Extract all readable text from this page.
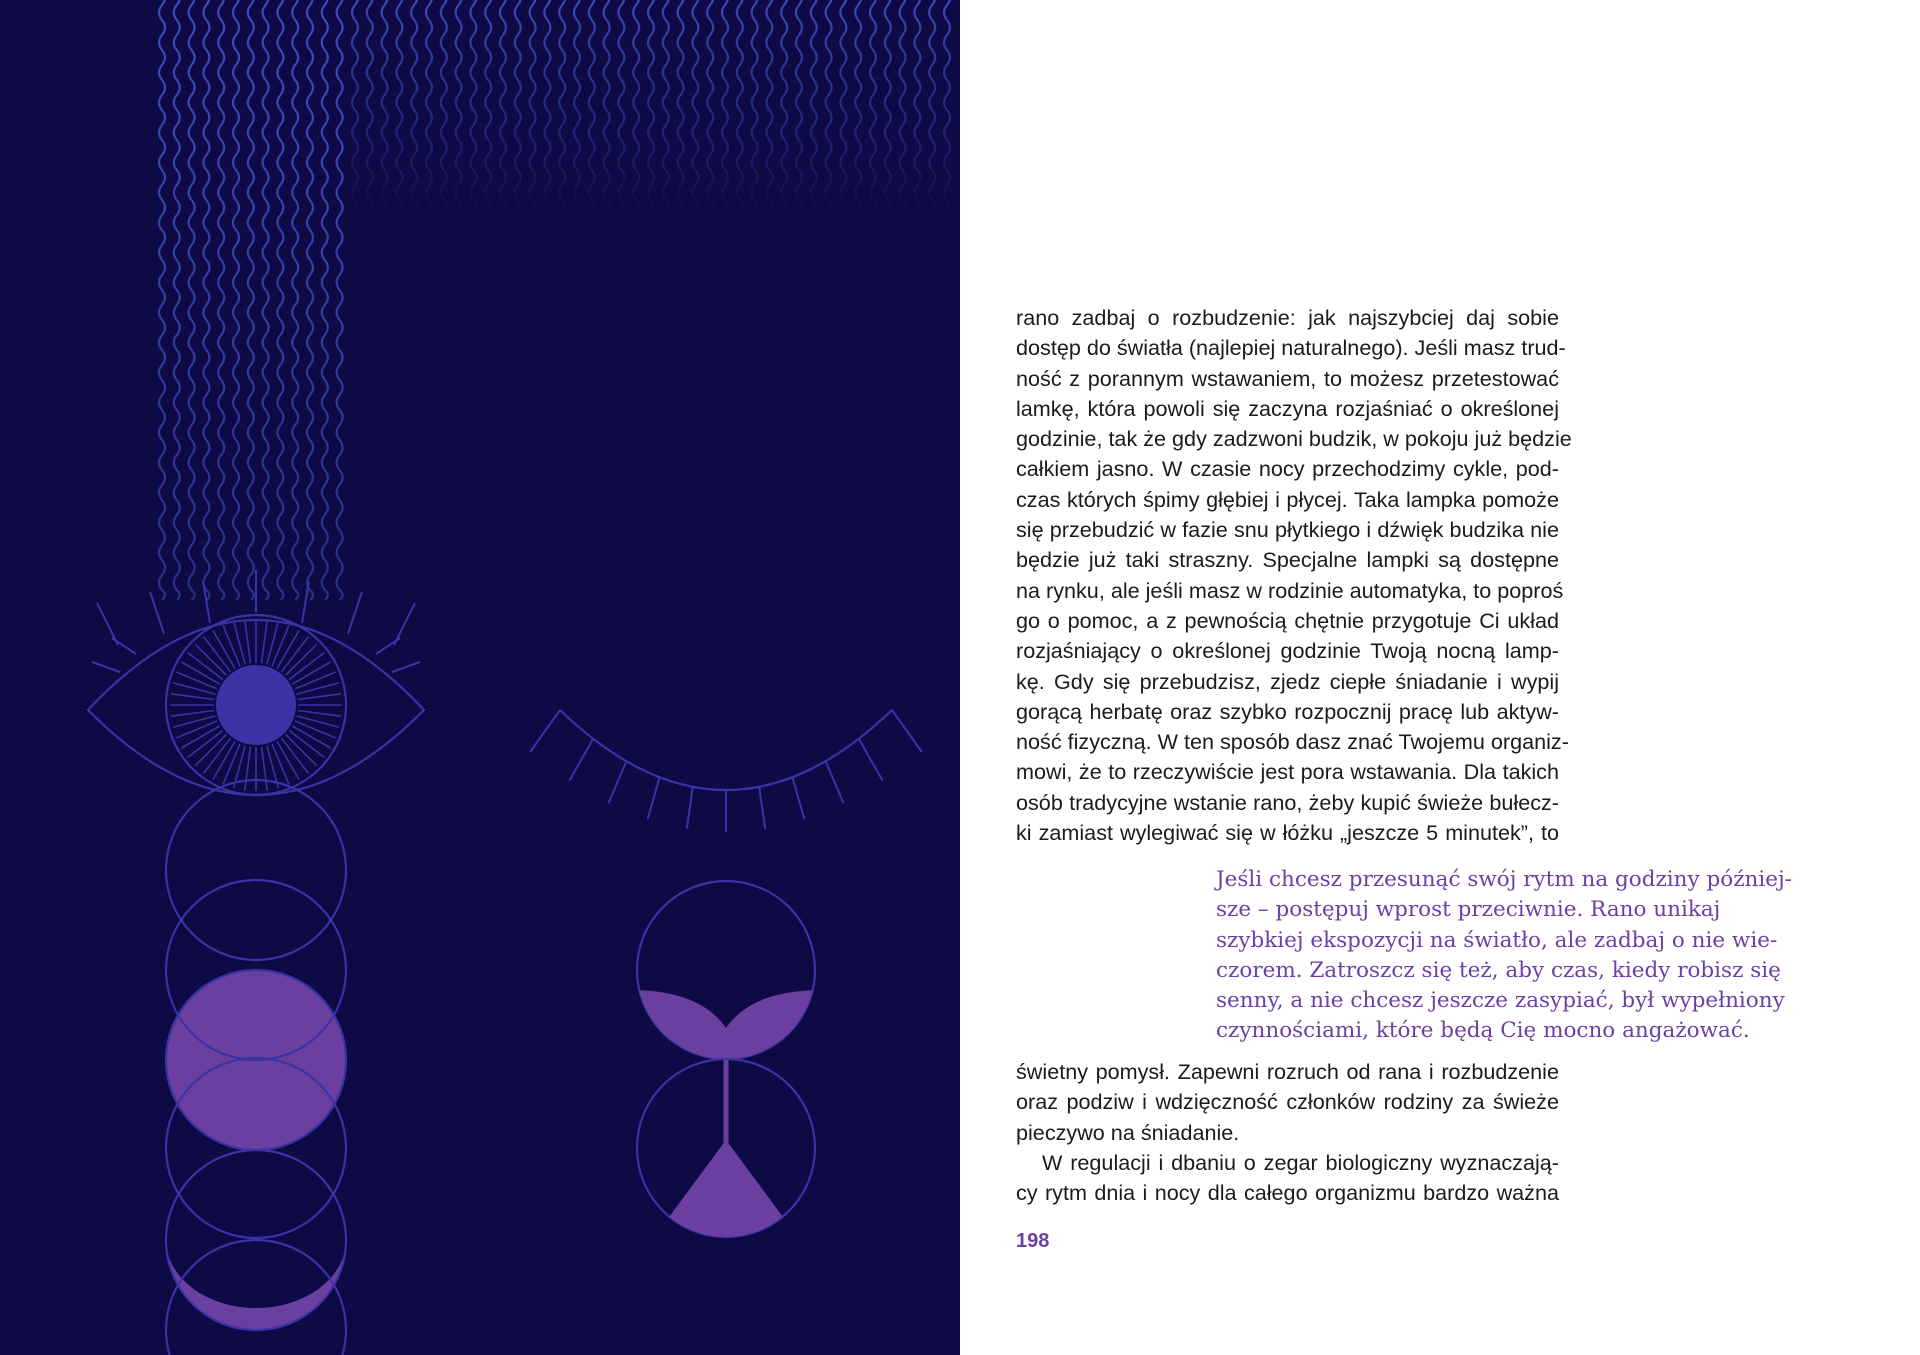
rano zadbaj o rozbudzenie: jak najszybciej daj sobie
dostęp do światła (najlepiej naturalnego). Jeśli masz trud-
ność z porannym wstawaniem, to możesz przetestować
lamkę, która powoli się zaczyna rozjaśniać o określonej
godzinie, tak że gdy zadzwoni budzik, w pokoju już będzie
całkiem jasno. W czasie nocy przechodzimy cykle, pod-
czas których śpimy głębiej i płycej. Taka lampka pomoże
się przebudzić w fazie snu płytkiego i dźwięk budzika nie
będzie już taki straszny. Specjalne lampki są dostępne
na rynku, ale jeśli masz w rodzinie automatyka, to poproś
go o pomoc, a z pewnością chętnie przygotuje Ci układ
rozjaśniający o określonej godzinie Twoją nocną lamp-
kę. Gdy się przebudzisz, zjedz ciepłe śniadanie i wypij
gorącą herbatę oraz szybko rozpocznij pracę lub aktyw-
ność fizyczną. W ten sposób dasz znać Twojemu organiz-
mowi, że to rzeczywiście jest pora wstawania. Dla takich
osób tradycyjne wstanie rano, żeby kupić świeże bułecz-
ki zamiast wylegiwać się w łóżku „jeszcze 5 minutek”, to
Jeśli chcesz przesunąć swój rytm na godziny później-
sze – postępuj wprost przeciwnie. Rano unikaj
szybkiej ekspozycji na światło, ale zadbaj o nie wie-
czorem. Zatroszcz się też, aby czas, kiedy robisz się
senny, a nie chcesz jeszcze zasypiać, był wypełniony
czynnościami, które będą Cię mocno angażować.
świetny pomysł. Zapewni rozruch od rana i rozbudzenie
oraz podziw i wdzięczność członków rodziny za świeże
pieczywo na śniadanie.
W regulacji i dbaniu o zegar biologiczny wyznaczają-
cy rytm dnia i nocy dla całego organizmu bardzo ważna
198
